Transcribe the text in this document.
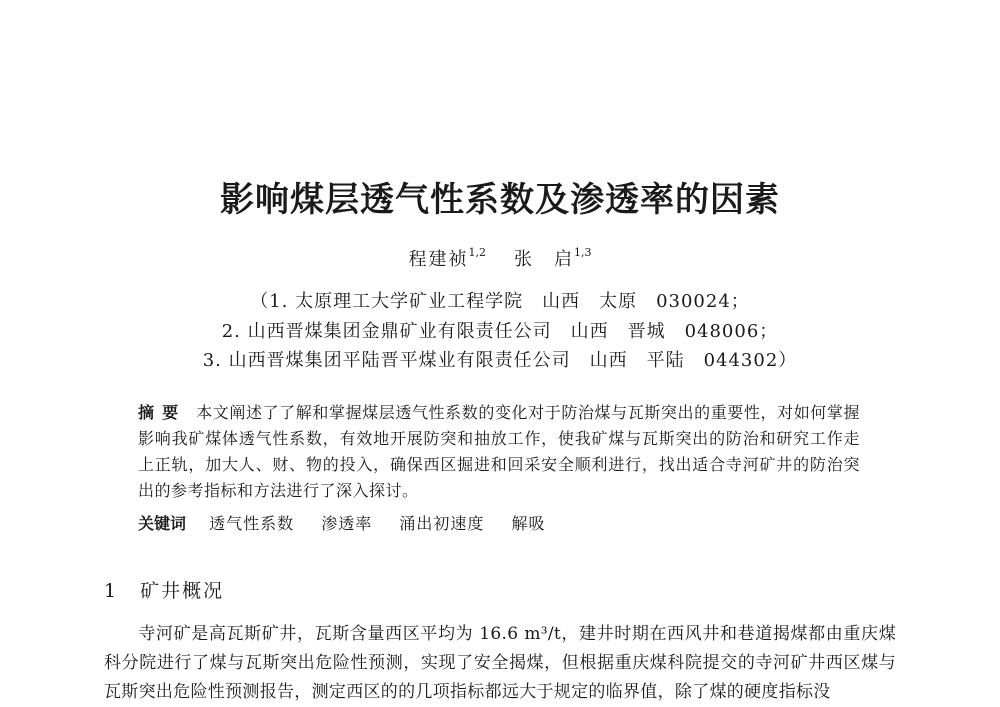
影响煤层透气性系数及渗透率的因素
程建祯$^{1,2}$ 张　启$^{1,3}$
（1. 太原理工大学矿业工程学院　山西　太原　030024；
2. 山西晋煤集团金鼎矿业有限责任公司　山西　晋城　048006；
3. 山西晋煤集团平陆晋平煤业有限责任公司　山西　平陆　044302）
摘要 本文阐述了了解和掌握煤层透气性系数的变化对于防治煤与瓦斯突出的重要性，对如何掌握影响我矿煤体透气性系数，有效地开展防突和抽放工作，使我矿煤与瓦斯突出的防治和研究工作走上正轨，加大人、财、物的投入，确保西区掘进和回采安全顺利进行，找出适合寺河矿井的防治突出的参考指标和方法进行了深入探讨。
关键词 透气性系数 渗透率 涌出初速度 解吸
1 矿井概况
寺河矿是高瓦斯矿井，瓦斯含量西区平均为 16.6 m³/t，建井时期在西风井和巷道揭煤都由重庆煤科分院进行了煤与瓦斯突出危险性预测，实现了安全揭煤，但根据重庆煤科院提交的寺河矿井西区煤与瓦斯突出危险性预测报告，测定西区的的几项指标都远大于规定的临界值，除了煤的硬度指标没
